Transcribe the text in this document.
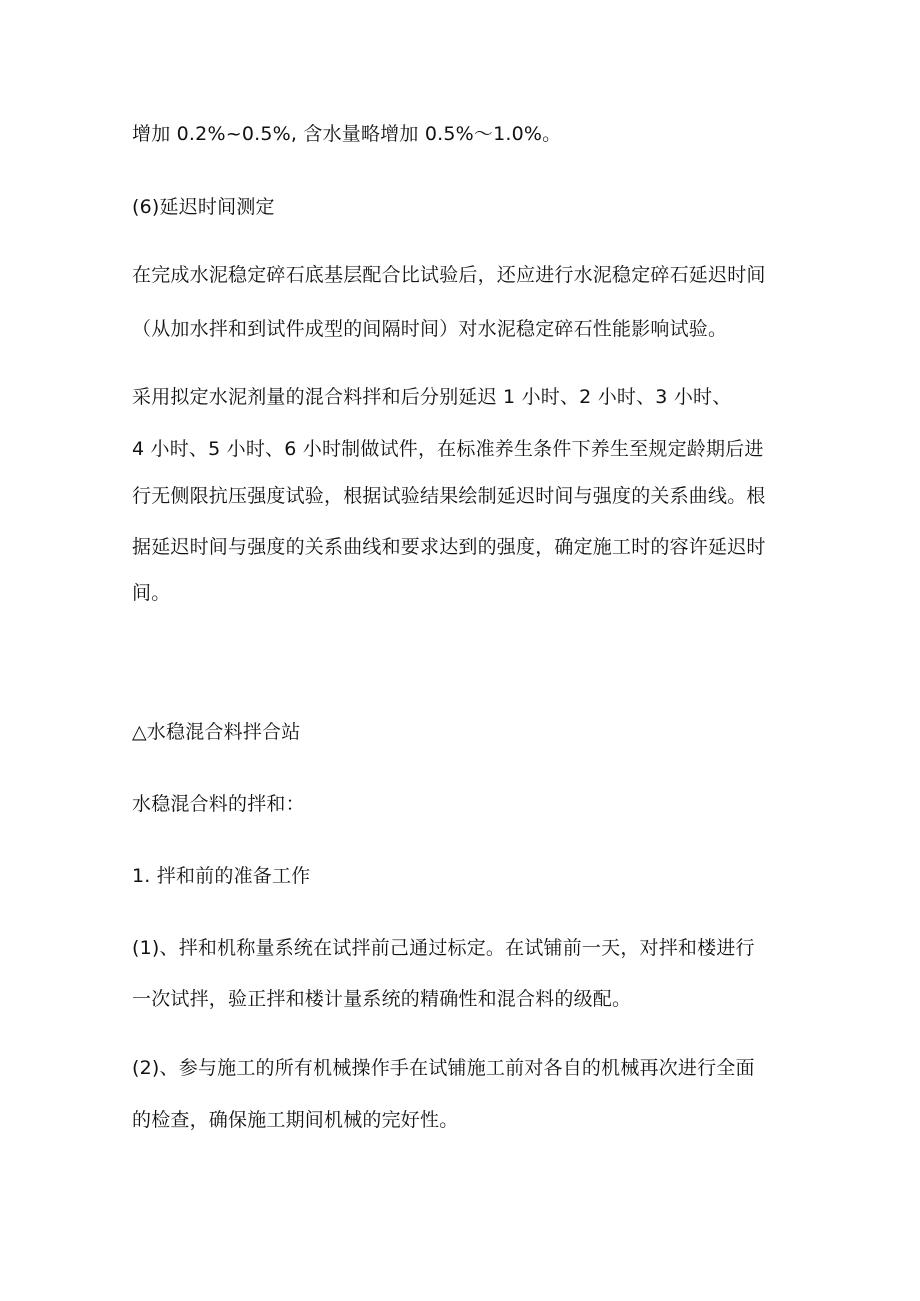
增加 0.2%~0.5%, 含水量略增加 0.5%～1.0%。
(6)延迟时间测定
在完成水泥稳定碎石底基层配合比试验后，还应进行水泥稳定碎石延迟时间
（从加水拌和到试件成型的间隔时间）对水泥稳定碎石性能影响试验。
采用拟定水泥剂量的混合料拌和后分别延迟 1 小时、2 小时、3 小时、
4 小时、5 小时、6 小时制做试件，在标准养生条件下养生至规定龄期后进
行无侧限抗压强度试验，根据试验结果绘制延迟时间与强度的关系曲线。根
据延迟时间与强度的关系曲线和要求达到的强度，确定施工时的容许延迟时
间。
△水稳混合料拌合站
水稳混合料的拌和：
1. 拌和前的准备工作
(1)、拌和机称量系统在试拌前己通过标定。在试铺前一天，对拌和楼进行
一次试拌，验正拌和楼计量系统的精确性和混合料的级配。
(2)、参与施工的所有机械操作手在试铺施工前对各自的机械再次进行全面
的检查，确保施工期间机械的完好性。
